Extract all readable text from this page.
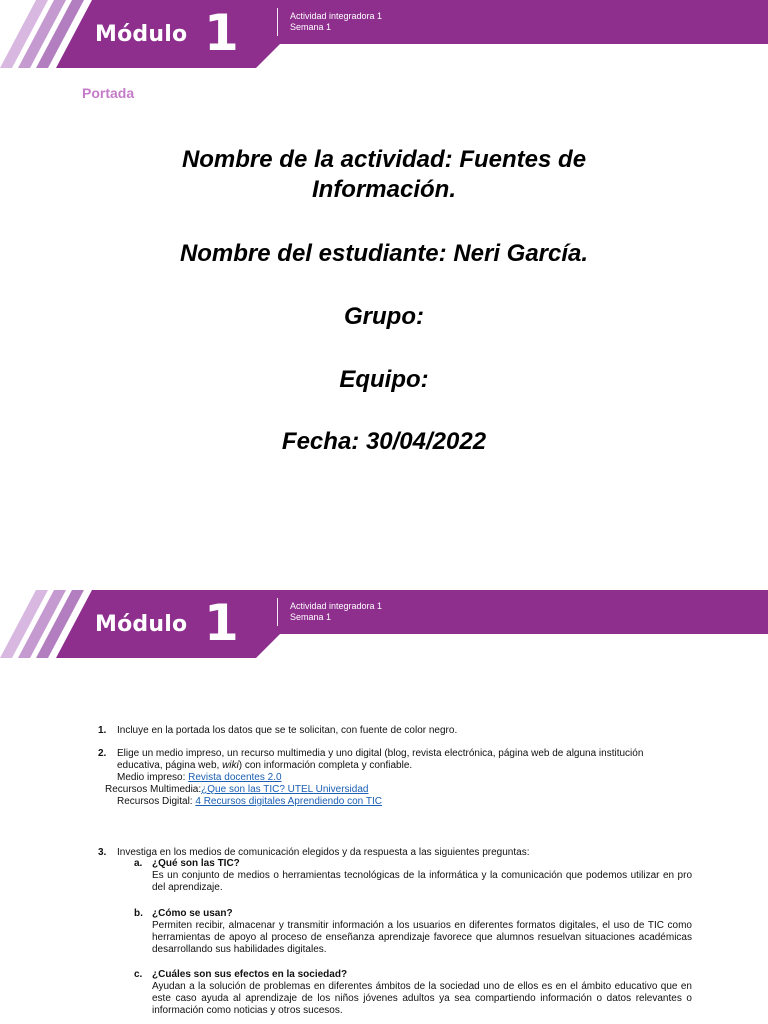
Módulo 1	Actividad integradora 1
Semana 1
Portada
Nombre de la actividad: Fuentes de
Información.
Nombre del estudiante: Neri García.
Grupo:
Equipo:
Fecha: 30/04/2022
Módulo 1	Actividad integradora 1
Semana 1
1. Incluye en la portada los datos que se te solicitan, con fuente de color negro.
2. Elige un medio impreso, un recurso multimedia y uno digital (blog, revista electrónica, página web de alguna institución
educativa, página web, wiki) con información completa y confiable.
Medio impreso: Revista docentes 2.0
Recursos Multimedia:¿Que son las TIC? UTEL Universidad
Recursos Digital: 4 Recursos digitales Aprendiendo con TIC
3. Investiga en los medios de comunicación elegidos y da respuesta a las siguientes preguntas:
a. ¿Qué son las TIC?
Es un conjunto de medios o herramientas tecnológicas de la informática y la comunicación que podemos utilizar en pro del aprendizaje.
b. ¿Cómo se usan?
Permiten recibir, almacenar y transmitir información a los usuarios en diferentes formatos digitales, el uso de TIC como herramientas de apoyo al proceso de enseñanza aprendizaje favorece que alumnos resuelvan situaciones académicas desarrollando sus habilidades digitales.
c. ¿Cuáles son sus efectos en la sociedad?
Ayudan a la solución de problemas en diferentes ámbitos de la sociedad uno de ellos es en el ámbito educativo que en este caso ayuda al aprendizaje de los niños jóvenes adultos ya sea compartiendo información o datos relevantes o información como noticias y otros sucesos.
